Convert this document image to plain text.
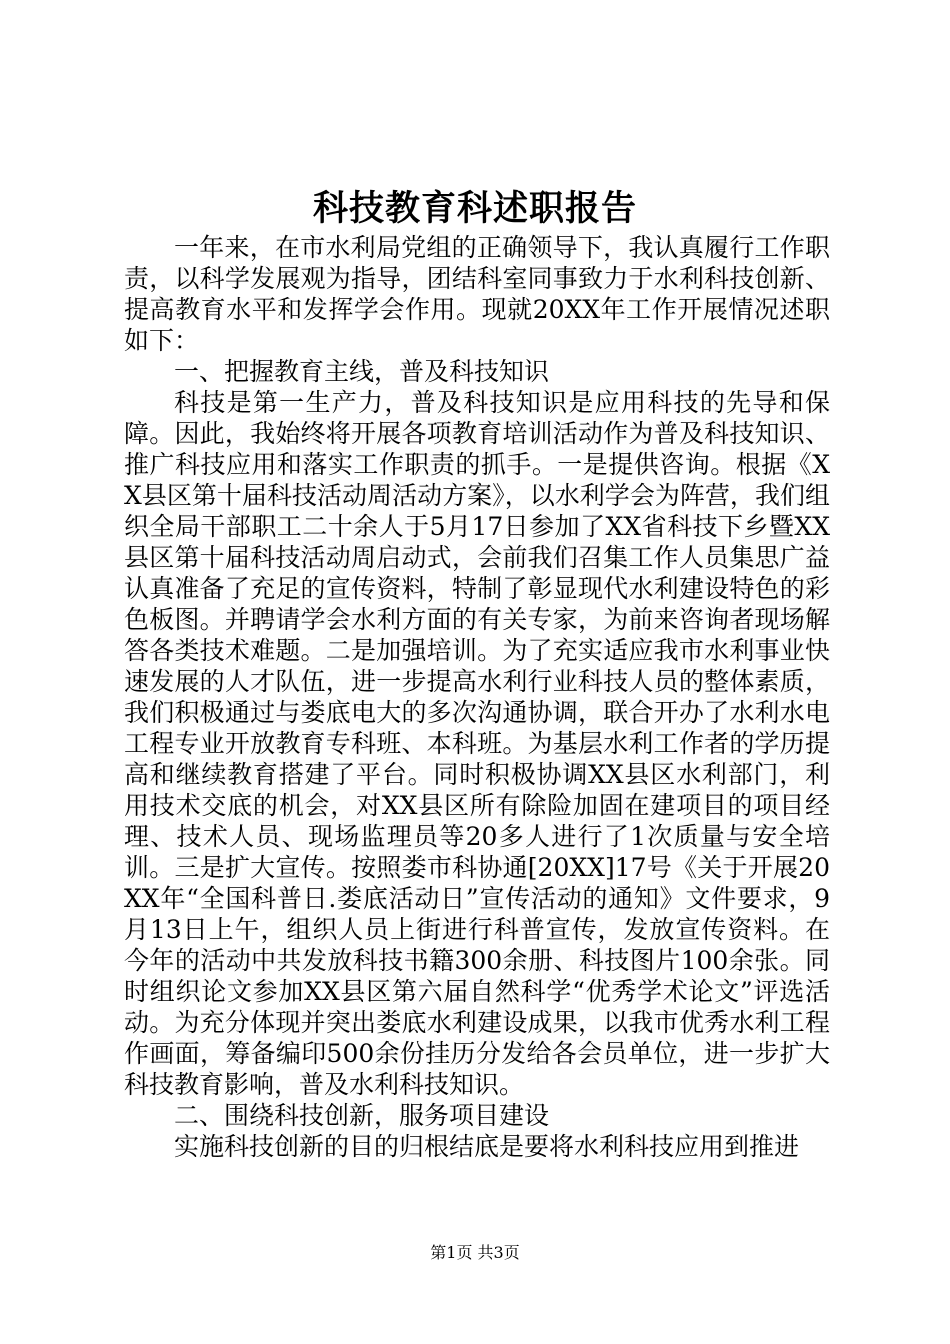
科技教育科述职报告

一年来，在市水利局党组的正确领导下，我认真履行工作职责，以科学发展观为指导，团结科室同事致力于水利科技创新、提高教育水平和发挥学会作用。现就20XX年工作开展情况述职如下：

一、把握教育主线，普及科技知识

科技是第一生产力，普及科技知识是应用科技的先导和保障。因此，我始终将开展各项教育培训活动作为普及科技知识、推广科技应用和落实工作职责的抓手。一是提供咨询。根据《XX县区第十届科技活动周活动方案》，以水利学会为阵营，我们组织全局干部职工二十余人于5月17日参加了XX省科技下乡暨XX县区第十届科技活动周启动式，会前我们召集工作人员集思广益认真准备了充足的宣传资料，特制了彰显现代水利建设特色的彩色板图。并聘请学会水利方面的有关专家，为前来咨询者现场解答各类技术难题。二是加强培训。为了充实适应我市水利事业快速发展的人才队伍，进一步提高水利行业科技人员的整体素质，我们积极通过与娄底电大的多次沟通协调，联合开办了水利水电工程专业开放教育专科班、本科班。为基层水利工作者的学历提高和继续教育搭建了平台。同时积极协调XX县区水利部门，利用技术交底的机会，对XX县区所有除险加固在建项目的项目经理、技术人员、现场监理员等20多人进行了1次质量与安全培训。三是扩大宣传。按照娄市科协通[20XX]17号《关于开展20XX年“全国科普日.娄底活动日”宣传活动的通知》文件要求，9月13日上午，组织人员上街进行科普宣传，发放宣传资料。在今年的活动中共发放科技书籍300余册、科技图片100余张。同时组织论文参加XX县区第六届自然科学“优秀学术论文”评选活动。为充分体现并突出娄底水利建设成果，以我市优秀水利工程作画面，筹备编印500余份挂历分发给各会员单位，进一步扩大科技教育影响，普及水利科技知识。

二、围绕科技创新，服务项目建设

实施科技创新的目的归根结底是要将水利科技应用到推进

第1页 共3页
